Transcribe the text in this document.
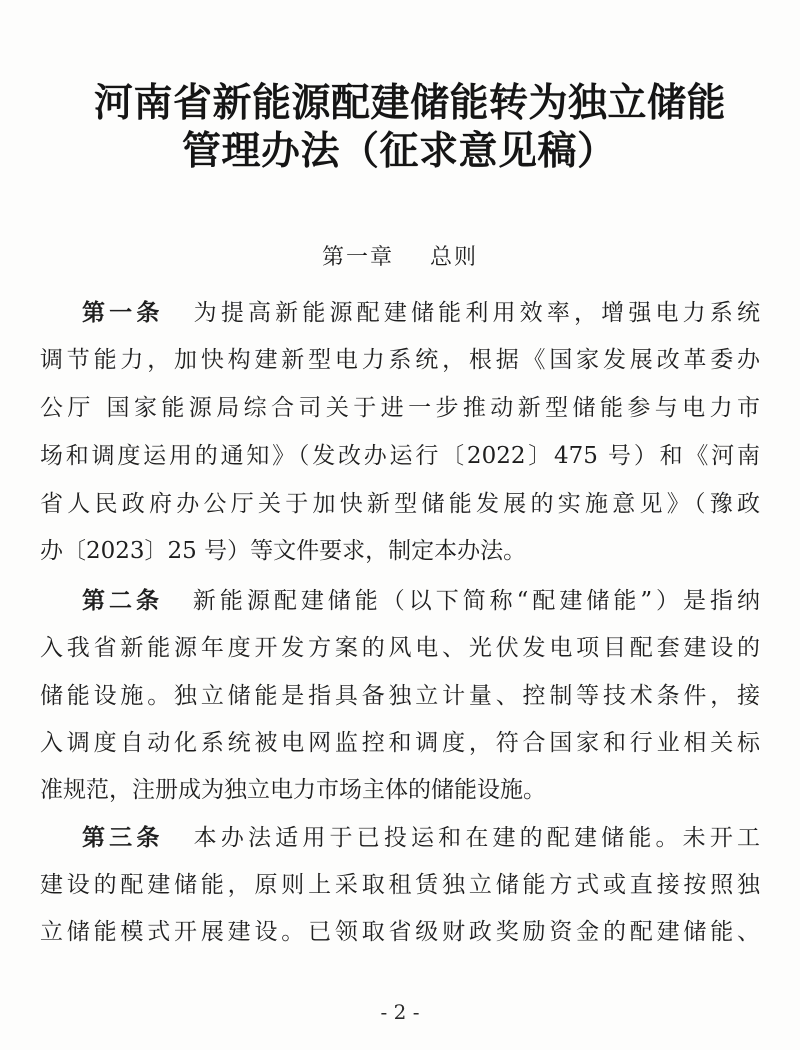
河南省新能源配建储能转为独立储能
管理办法（征求意见稿）
第一章 总则
第一条 为提高新能源配建储能利用效率，增强电力系统
调节能力，加快构建新型电力系统，根据《国家发展改革委办
公厅 国家能源局综合司关于进一步推动新型储能参与电力市
场和调度运用的通知》（发改办运行〔2022〕475 号）和《河南
省人民政府办公厅关于加快新型储能发展的实施意见》（豫政
办〔2023〕25 号）等文件要求，制定本办法。
第二条 新能源配建储能（以下简称“配建储能”）是指纳
入我省新能源年度开发方案的风电、光伏发电项目配套建设的
储能设施。独立储能是指具备独立计量、控制等技术条件，接
入调度自动化系统被电网监控和调度，符合国家和行业相关标
准规范，注册成为独立电力市场主体的储能设施。
第三条 本办法适用于已投运和在建的配建储能。未开工
建设的配建储能，原则上采取租赁独立储能方式或直接按照独
立储能模式开展建设。已领取省级财政奖励资金的配建储能、
- 2 -
